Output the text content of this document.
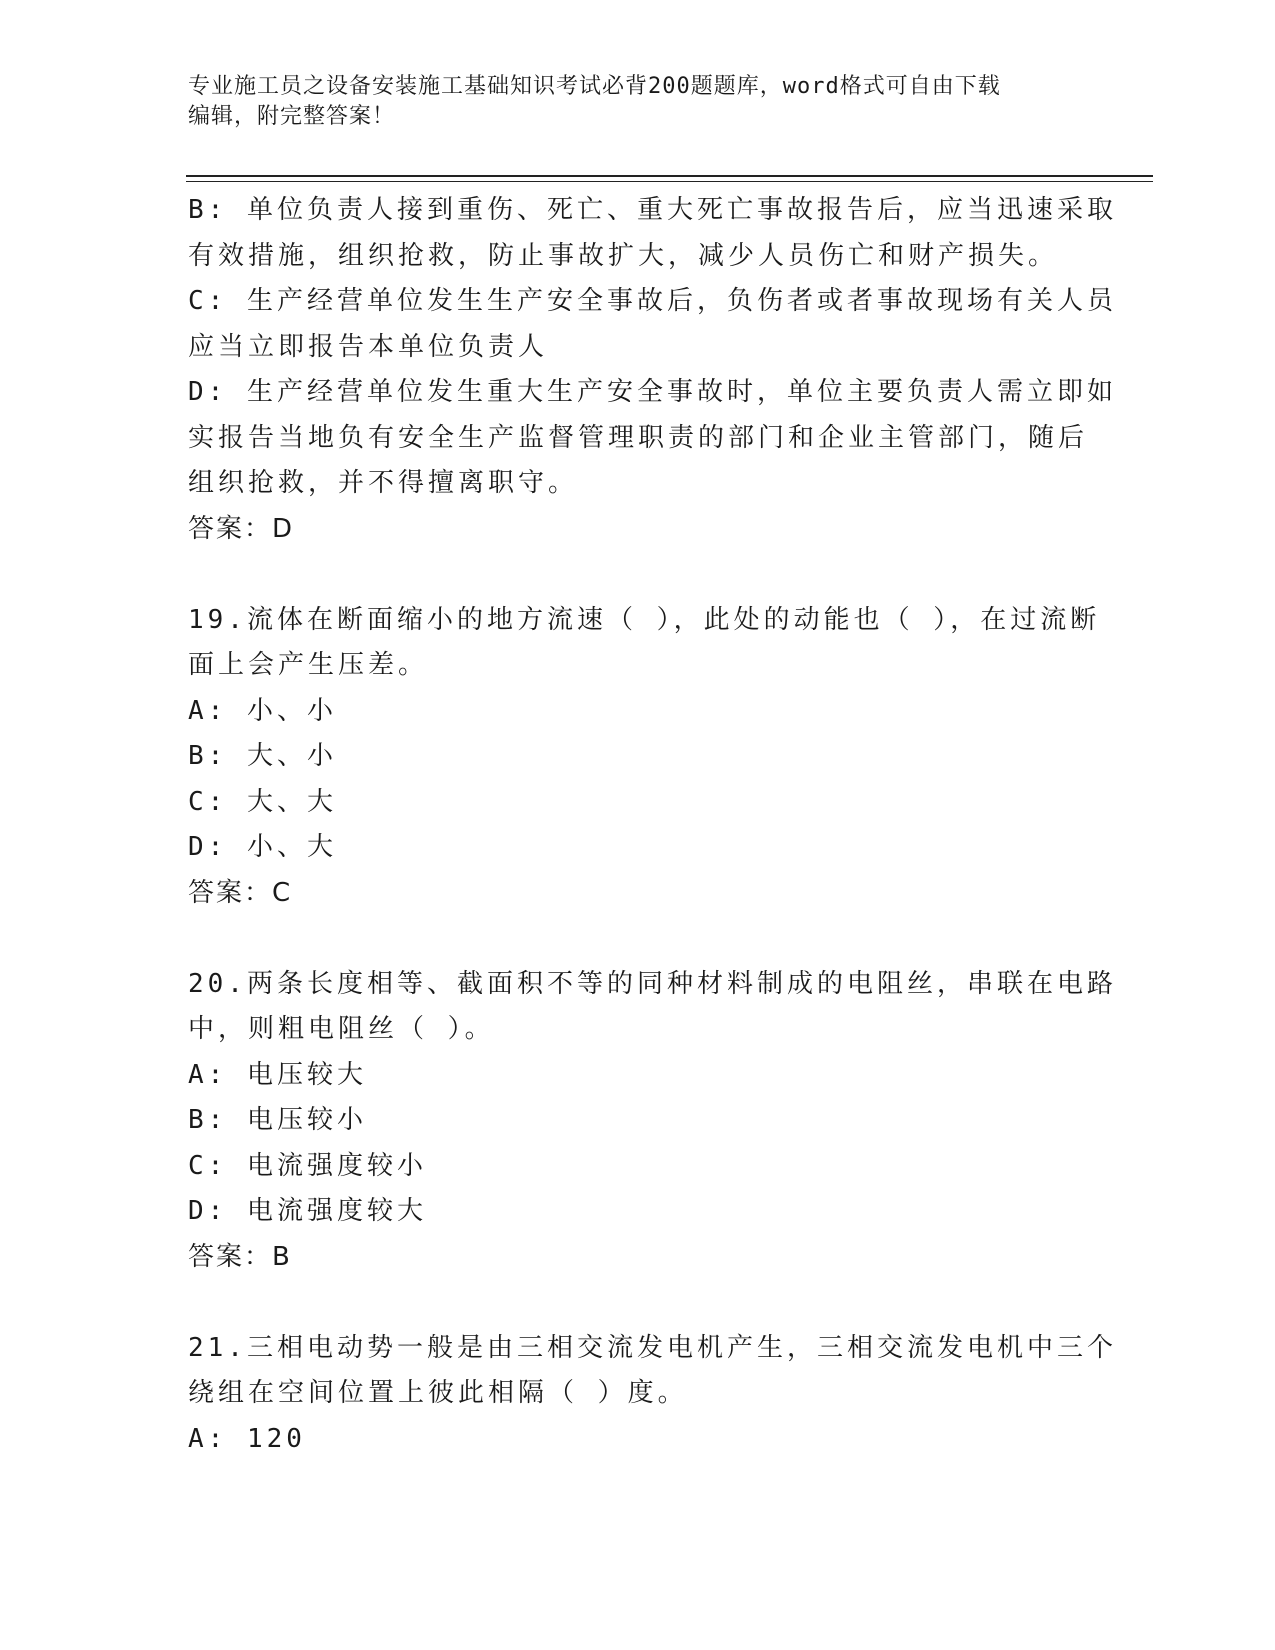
专业施工员之设备安装施工基础知识考试必背200题题库，word格式可自由下载
编辑，附完整答案！
B: 单位负责人接到重伤、死亡、重大死亡事故报告后，应当迅速采取
有效措施，组织抢救，防止事故扩大，减少人员伤亡和财产损失。
C: 生产经营单位发生生产安全事故后，负伤者或者事故现场有关人员
应当立即报告本单位负责人
D: 生产经营单位发生重大生产安全事故时，单位主要负责人需立即如
实报告当地负有安全生产监督管理职责的部门和企业主管部门，随后
组织抢救，并不得擅离职守。
答案：D
19.流体在断面缩小的地方流速（ ），此处的动能也（ ），在过流断
面上会产生压差。
A: 小、小
B: 大、小
C: 大、大
D: 小、大
答案：C
20.两条长度相等、截面积不等的同种材料制成的电阻丝，串联在电路
中，则粗电阻丝（ ）。
A: 电压较大
B: 电压较小
C: 电流强度较小
D: 电流强度较大
答案：B
21.三相电动势一般是由三相交流发电机产生，三相交流发电机中三个
绕组在空间位置上彼此相隔（ ）度。
A: 120
